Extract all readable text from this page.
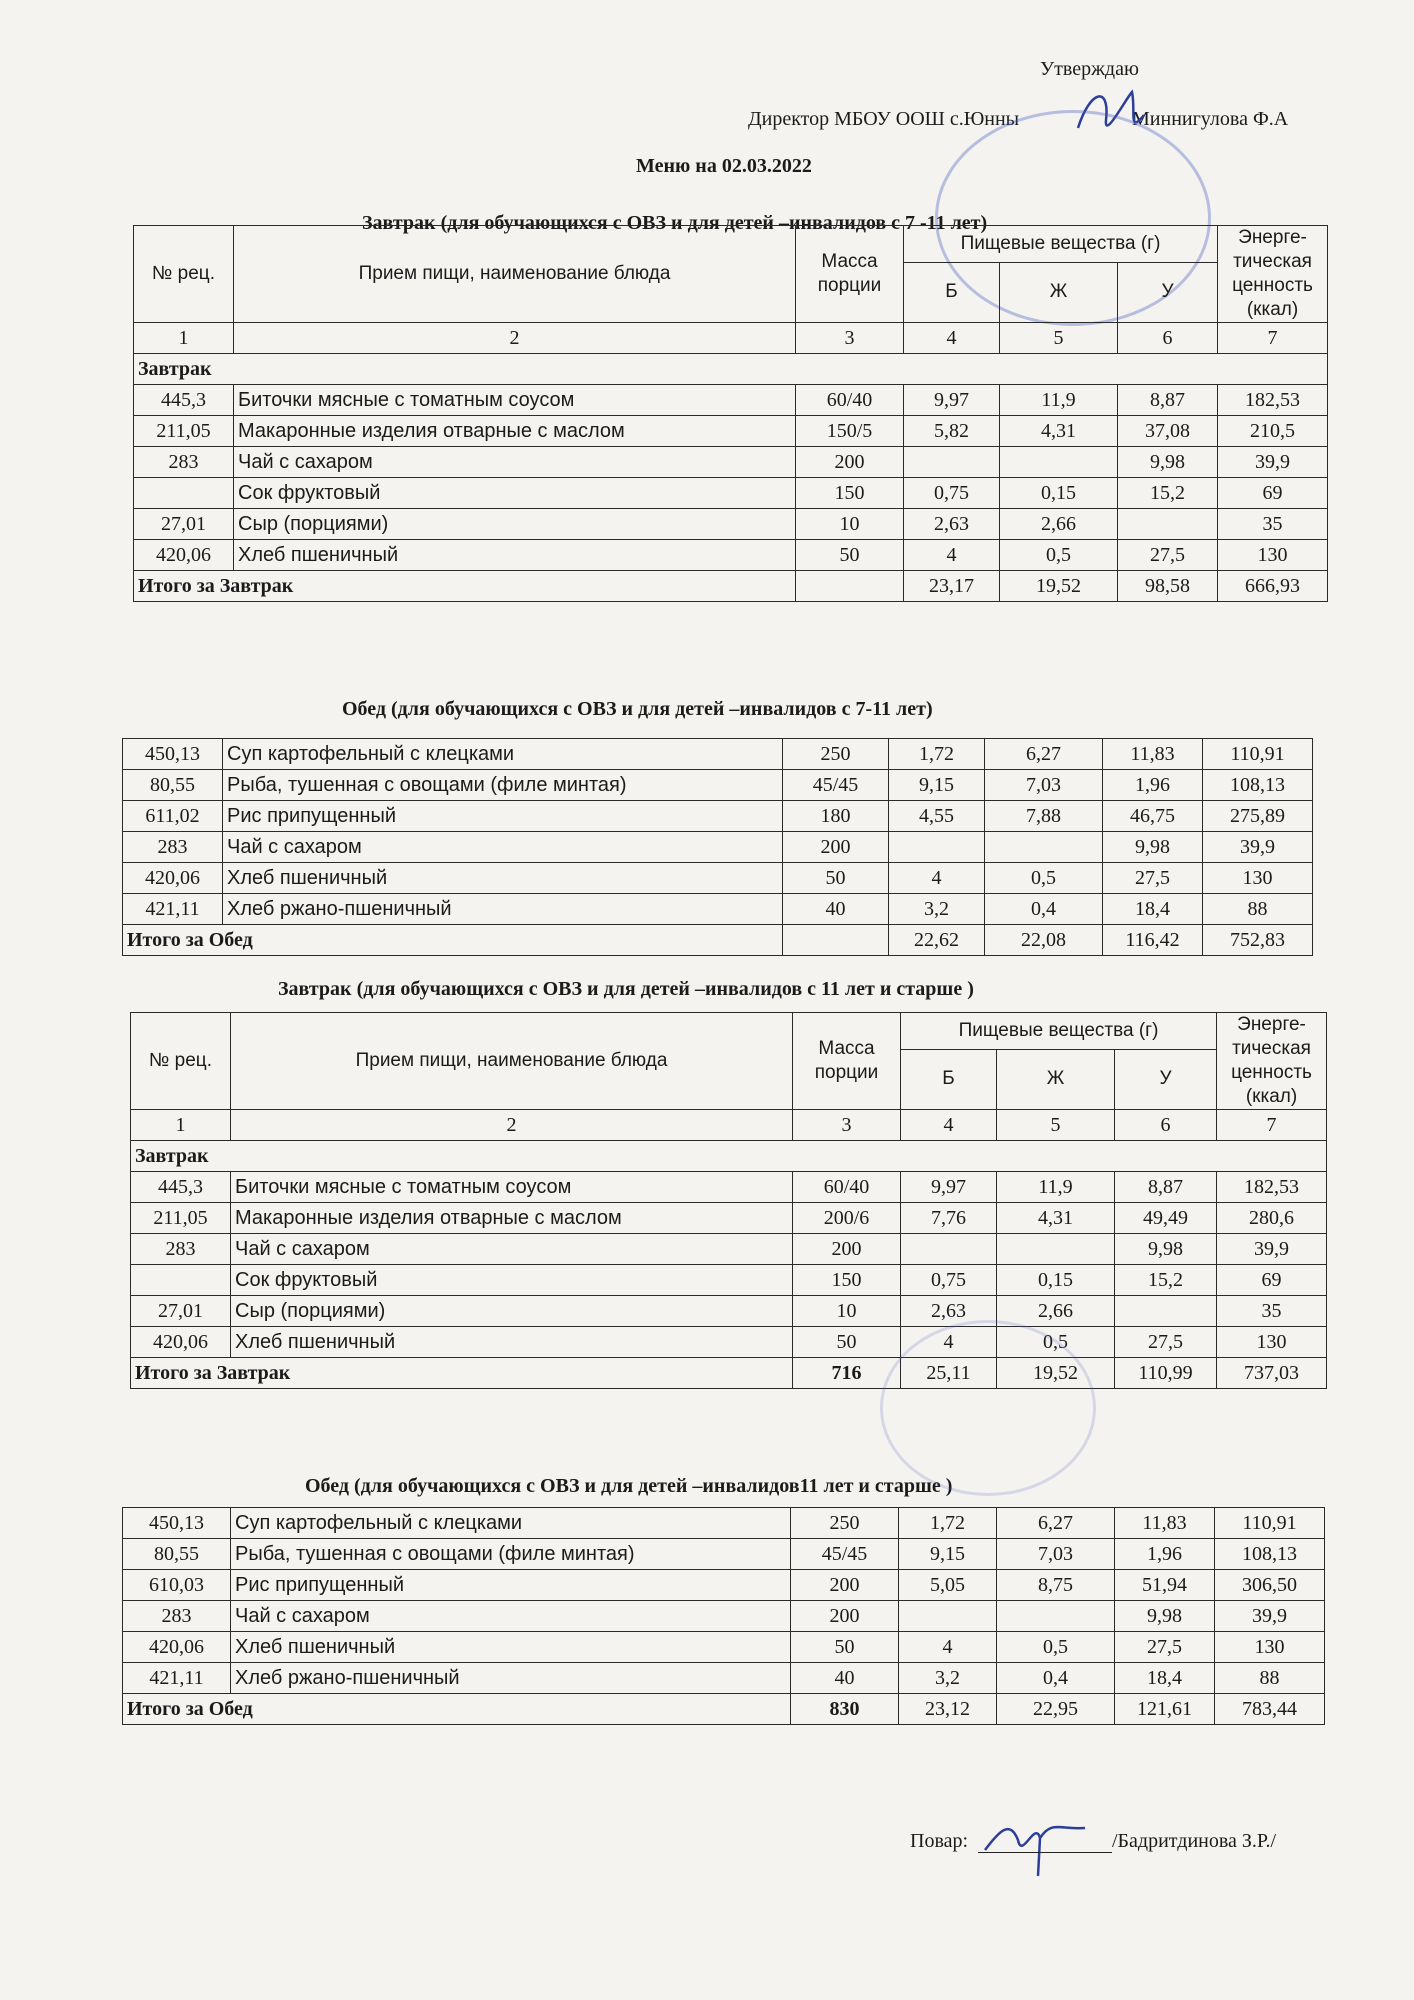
Утверждаю
Директор МБОУ ООШ с.Юнны	Миннигулова Ф.А
Меню на 02.03.2022
Завтрак (для обучающихся с ОВЗ и для детей –инвалидов с 7 -11 лет)
№ рец.	Прием пищи, наименование блюда	Масса порции	Пищевые вещества (г)			Энерге-тическая ценность (ккал)
			Б	Ж	У	
1	2	3	4	5	6	7
Завтрак						
445,3	Биточки мясные с томатным соусом	60/40	9,97	11,9	8,87	182,53
211,05	Макаронные изделия отварные с маслом	150/5	5,82	4,31	37,08	210,5
283	Чай с сахаром	200			9,98	39,9
	Сок фруктовый	150	0,75	0,15	15,2	69
27,01	Сыр (порциями)	10	2,63	2,66		35
420,06	Хлеб пшеничный	50	4	0,5	27,5	130
Итого за Завтрак			23,17	19,52	98,58	666,93
Обед (для обучающихся с ОВЗ и для детей –инвалидов с 7-11 лет)
450,13	Суп картофельный с клецками	250	1,72	6,27	11,83	110,91
80,55	Рыба, тушенная с овощами (филе минтая)	45/45	9,15	7,03	1,96	108,13
611,02	Рис припущенный	180	4,55	7,88	46,75	275,89
283	Чай с сахаром	200			9,98	39,9
420,06	Хлеб пшеничный	50	4	0,5	27,5	130
421,11	Хлеб ржано-пшеничный	40	3,2	0,4	18,4	88
Итого за Обед			22,62	22,08	116,42	752,83
Завтрак (для обучающихся с ОВЗ и для детей –инвалидов с 11 лет и старше )
№ рец.	Прием пищи, наименование блюда	Масса порции	Пищевые вещества (г)			Энерге-тическая ценность (ккал)
			Б	Ж	У	
1	2	3	4	5	6	7
Завтрак						
445,3	Биточки мясные с томатным соусом	60/40	9,97	11,9	8,87	182,53
211,05	Макаронные изделия отварные с маслом	200/6	7,76	4,31	49,49	280,6
283	Чай с сахаром	200			9,98	39,9
	Сок фруктовый	150	0,75	0,15	15,2	69
27,01	Сыр (порциями)	10	2,63	2,66		35
420,06	Хлеб пшеничный	50	4	0,5	27,5	130
Итого за Завтрак		716	25,11	19,52	110,99	737,03
Обед (для обучающихся с ОВЗ и для детей –инвалидов11 лет и старше )
450,13	Суп картофельный с клецками	250	1,72	6,27	11,83	110,91
80,55	Рыба, тушенная с овощами (филе минтая)	45/45	9,15	7,03	1,96	108,13
610,03	Рис припущенный	200	5,05	8,75	51,94	306,50
283	Чай с сахаром	200			9,98	39,9
420,06	Хлеб пшеничный	50	4	0,5	27,5	130
421,11	Хлеб ржано-пшеничный	40	3,2	0,4	18,4	88
Итого за Обед		830	23,12	22,95	121,61	783,44
Повар:	/Бадритдинова З.Р./
